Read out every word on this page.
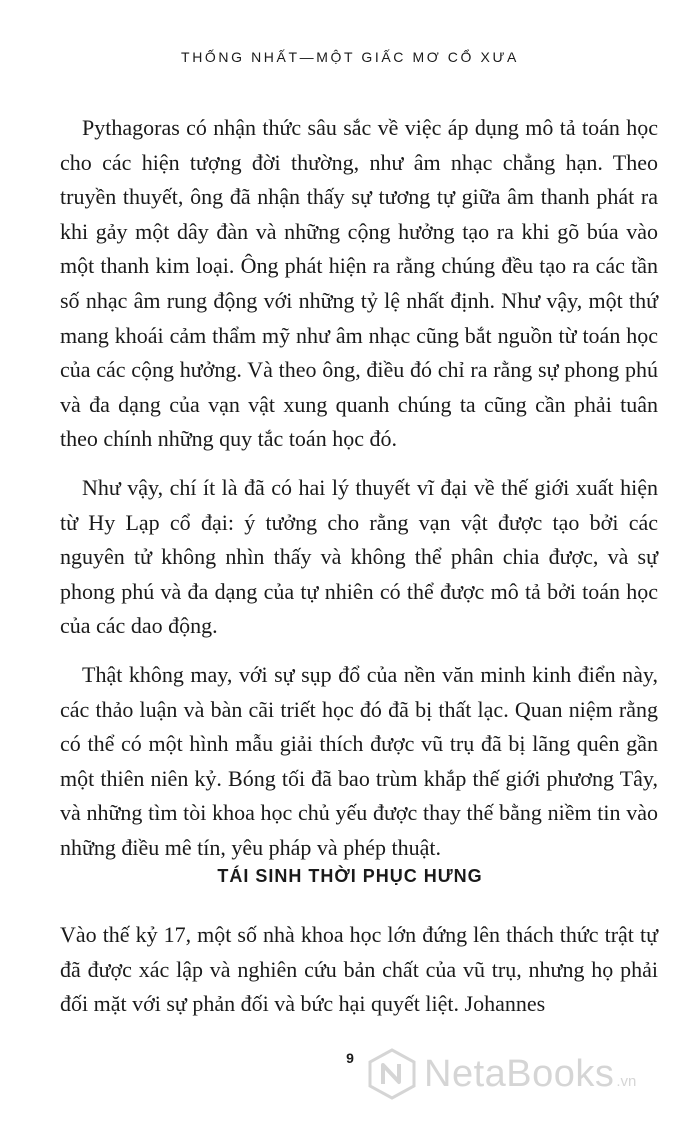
THỐNG NHẤT—MỘT GIẤC MƠ CỔ XƯA

Pythagoras có nhận thức sâu sắc về việc áp dụng mô tả toán học cho các hiện tượng đời thường, như âm nhạc chẳng hạn. Theo truyền thuyết, ông đã nhận thấy sự tương tự giữa âm thanh phát ra khi gảy một dây đàn và những cộng hưởng tạo ra khi gõ búa vào một thanh kim loại. Ông phát hiện ra rằng chúng đều tạo ra các tần số nhạc âm rung động với những tỷ lệ nhất định. Như vậy, một thứ mang khoái cảm thẩm mỹ như âm nhạc cũng bắt nguồn từ toán học của các cộng hưởng. Và theo ông, điều đó chỉ ra rằng sự phong phú và đa dạng của vạn vật xung quanh chúng ta cũng cần phải tuân theo chính những quy tắc toán học đó.

Như vậy, chí ít là đã có hai lý thuyết vĩ đại về thế giới xuất hiện từ Hy Lạp cổ đại: ý tưởng cho rằng vạn vật được tạo bởi các nguyên tử không nhìn thấy và không thể phân chia được, và sự phong phú và đa dạng của tự nhiên có thể được mô tả bởi toán học của các dao động.

Thật không may, với sự sụp đổ của nền văn minh kinh điển này, các thảo luận và bàn cãi triết học đó đã bị thất lạc. Quan niệm rằng có thể có một hình mẫu giải thích được vũ trụ đã bị lãng quên gần một thiên niên kỷ. Bóng tối đã bao trùm khắp thế giới phương Tây, và những tìm tòi khoa học chủ yếu được thay thế bằng niềm tin vào những điều mê tín, yêu pháp và phép thuật.

TÁI SINH THỜI PHỤC HƯNG

Vào thế kỷ 17, một số nhà khoa học lớn đứng lên thách thức trật tự đã được xác lập và nghiên cứu bản chất của vũ trụ, nhưng họ phải đối mặt với sự phản đối và bức hại quyết liệt. Johannes

9	NetaBooks .vn
